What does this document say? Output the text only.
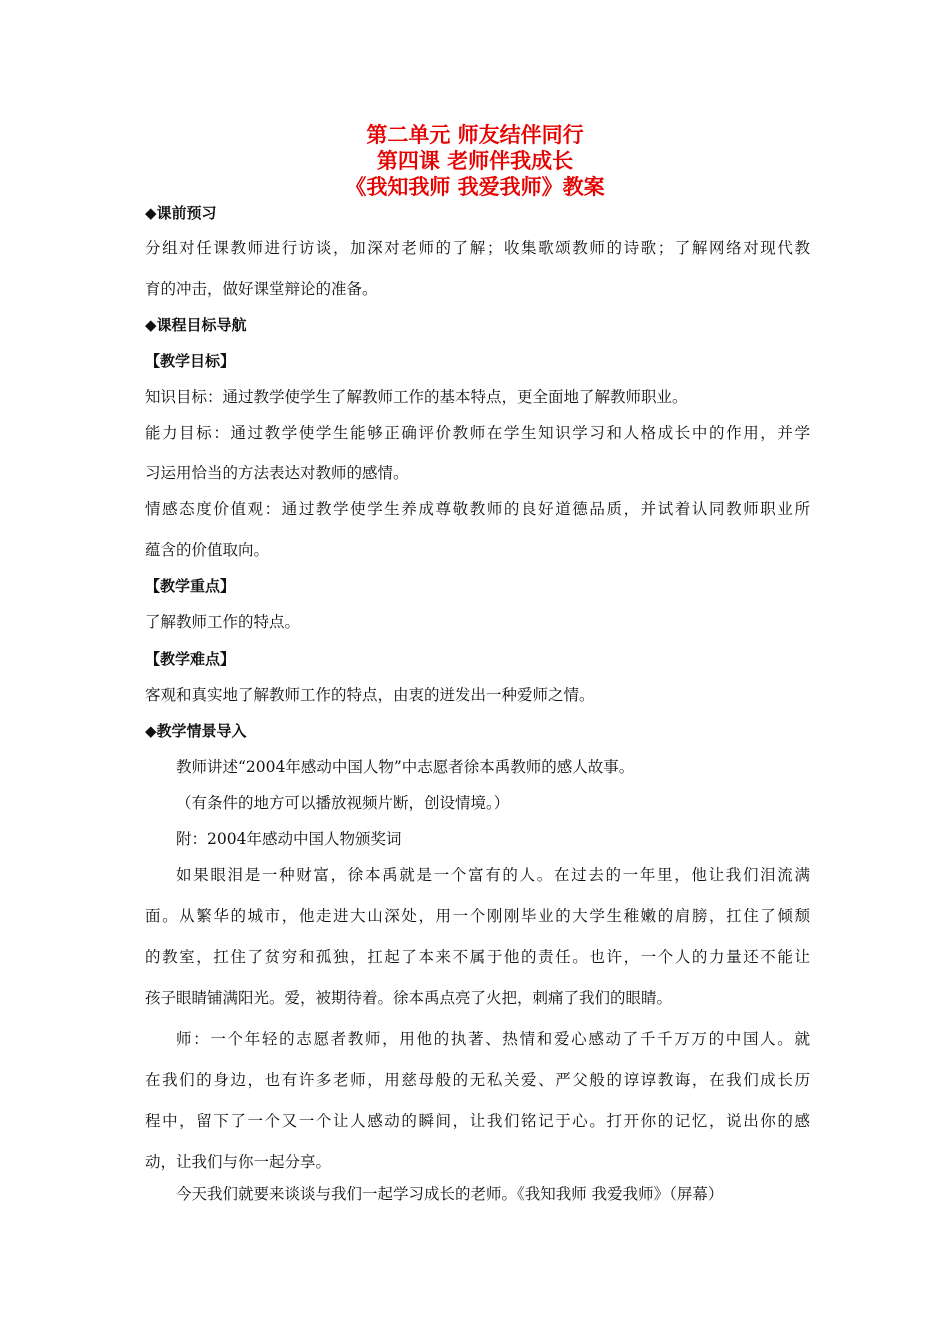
第二单元 师友结伴同行
第四课 老师伴我成长
《我知我师 我爱我师》教案
◆课前预习
分组对任课教师进行访谈，加深对老师的了解；收集歌颂教师的诗歌；了解网络对现代教
育的冲击，做好课堂辩论的准备。
◆课程目标导航
【教学目标】
知识目标：通过教学使学生了解教师工作的基本特点，更全面地了解教师职业。
能力目标：通过教学使学生能够正确评价教师在学生知识学习和人格成长中的作用，并学
习运用恰当的方法表达对教师的感情。
情感态度价值观：通过教学使学生养成尊敬教师的良好道德品质，并试着认同教师职业所
蕴含的价值取向。
【教学重点】
了解教师工作的特点。
【教学难点】
客观和真实地了解教师工作的特点，由衷的迸发出一种爱师之情。
◆教学情景导入
教师讲述“2004年感动中国人物”中志愿者徐本禹教师的感人故事。
（有条件的地方可以播放视频片断，创设情境。）
附：2004年感动中国人物颁奖词
如果眼泪是一种财富，徐本禹就是一个富有的人。在过去的一年里，他让我们泪流满
面。从繁华的城市，他走进大山深处，用一个刚刚毕业的大学生稚嫩的肩膀，扛住了倾颓
的教室，扛住了贫穷和孤独，扛起了本来不属于他的责任。也许，一个人的力量还不能让
孩子眼睛铺满阳光。爱，被期待着。徐本禹点亮了火把，刺痛了我们的眼睛。
师：一个年轻的志愿者教师，用他的执著、热情和爱心感动了千千万万的中国人。就
在我们的身边，也有许多老师，用慈母般的无私关爱、严父般的谆谆教诲，在我们成长历
程中，留下了一个又一个让人感动的瞬间，让我们铭记于心。打开你的记忆，说出你的感
动，让我们与你一起分享。
今天我们就要来谈谈与我们一起学习成长的老师。《我知我师 我爱我师》（屏幕）
